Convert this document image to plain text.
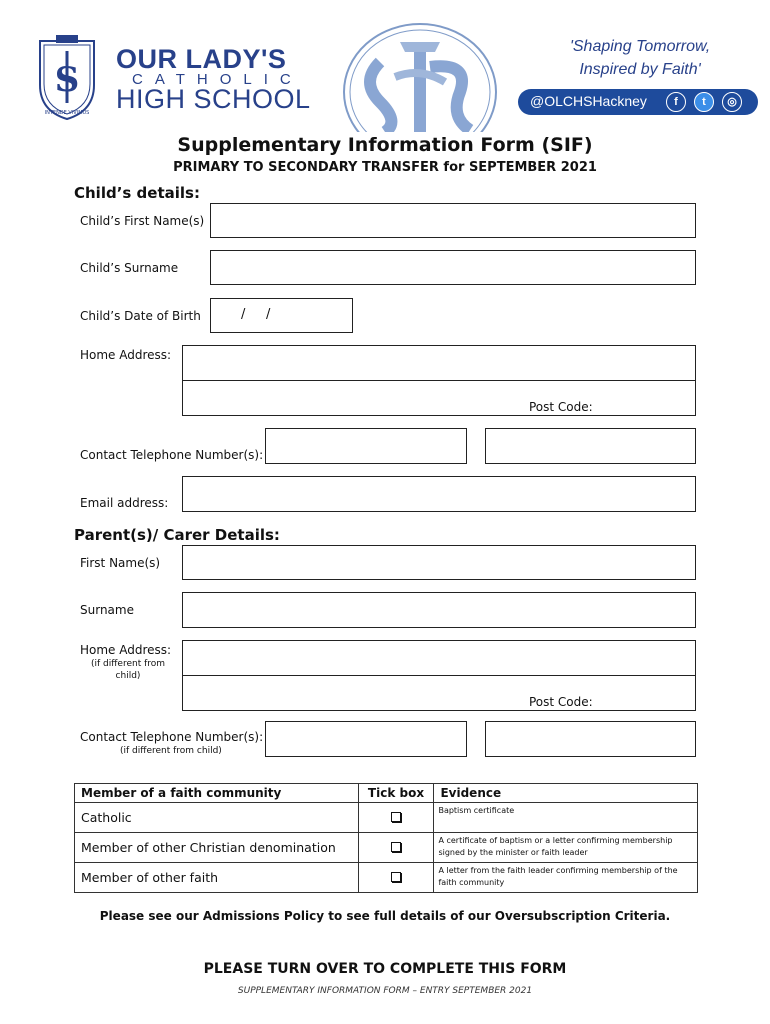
S
INTENDE VIVIMUS
OUR LADY'S
CATHOLIC
HIGH SCHOOL
'Shaping Tomorrow,
Inspired by Faith'
@OLCHSHackney	f	t	◎
Supplementary Information Form (SIF)
PRIMARY TO SECONDARY TRANSFER for SEPTEMBER 2021
Child’s details:
Child’s First Name(s)
Child’s Surname
Child’s Date of Birth	/     /
Home Address:
Post Code:
Contact Telephone Number(s):
Email address:
Parent(s)/ Carer Details:
First Name(s)
Surname
Home Address:
(if different from child)
Post Code:
Contact Telephone Number(s):
(if different from child)
Member of a faith community	Tick box	Evidence
Catholic		Baptism certificate
Member of other Christian denomination		A certificate of baptism or a letter confirming membership signed by the minister or faith leader
Member of other faith		A letter from the faith leader confirming membership of the faith community
Please see our Admissions Policy to see full details of our Oversubscription Criteria.
PLEASE TURN OVER TO COMPLETE THIS FORM
SUPPLEMENTARY INFORMATION FORM – ENTRY SEPTEMBER 2021
